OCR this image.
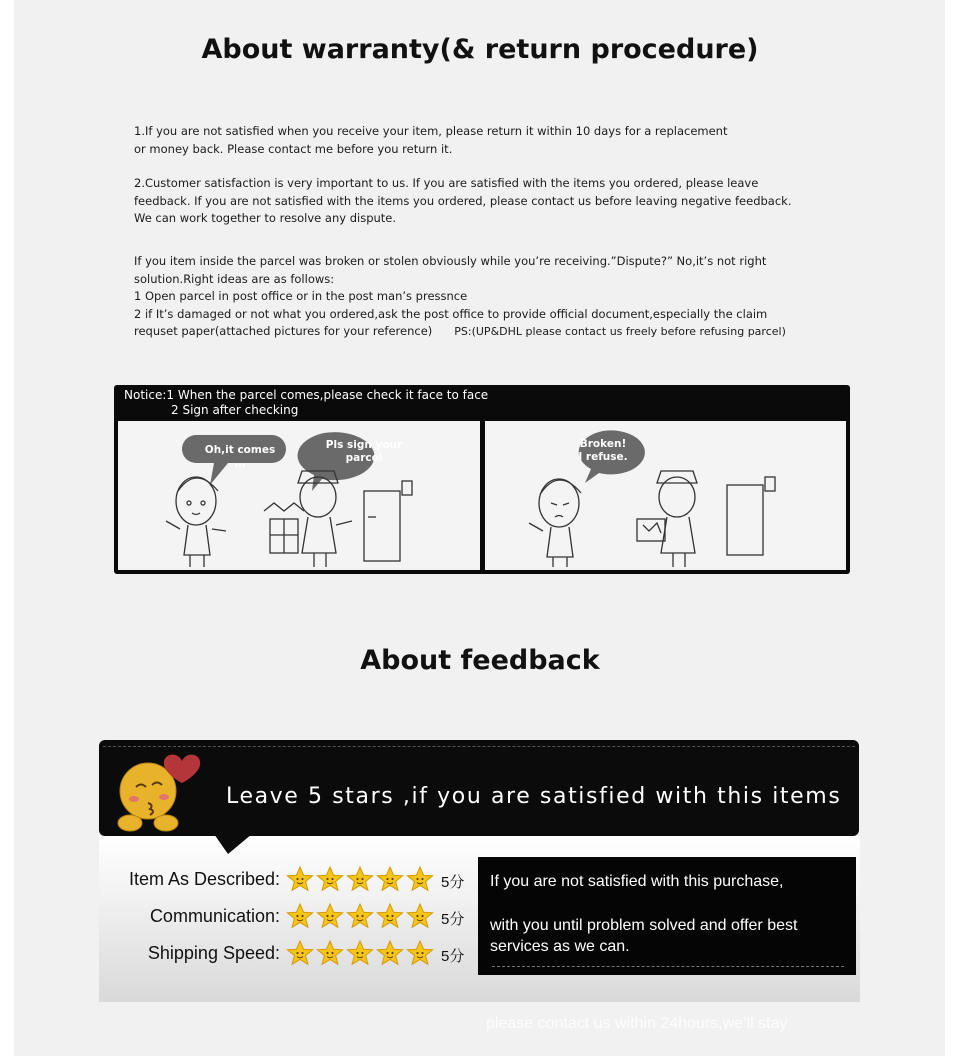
About warranty(& return procedure)

1.If you are not satisfied when you receive your item, please return it within 10 days for a replacement

or money back. Please contact me before you return it.

2.Customer satisfaction is very important to us. If you are satisfied with the items you ordered, please leave

feedback. If you are not satisfied with the items you ordered, please contact us before leaving negative feedback.

We can work together to resolve any dispute.

If you item inside the parcel was broken or stolen obviously while you’re receiving.”Dispute?” No,it’s not right

solution.Right ideas are as follows:

1 Open parcel in post office or in the post man’s pressnce

2 if It’s damaged or not what you ordered,ask the post office to provide official document,especially the claim

requset paper(attached pictures for your reference) PS:(UP&DHL please contact us freely before refusing parcel)

Notice:1 When the parcel comes,please check it face to face
2 Sign after checking
Oh,it comes ...
Pls sign your
parcel
Broken!
I refuse.
About feedback
Leave 5 stars ,if you are satisfied with this items
Item As Described:	5分
Communication:	5分
Shipping Speed:	5分
If you are not satisfied with this purchase,
with you until problem solved and offer best
services as we can.
please contact us within 24hours,we’ll stay
